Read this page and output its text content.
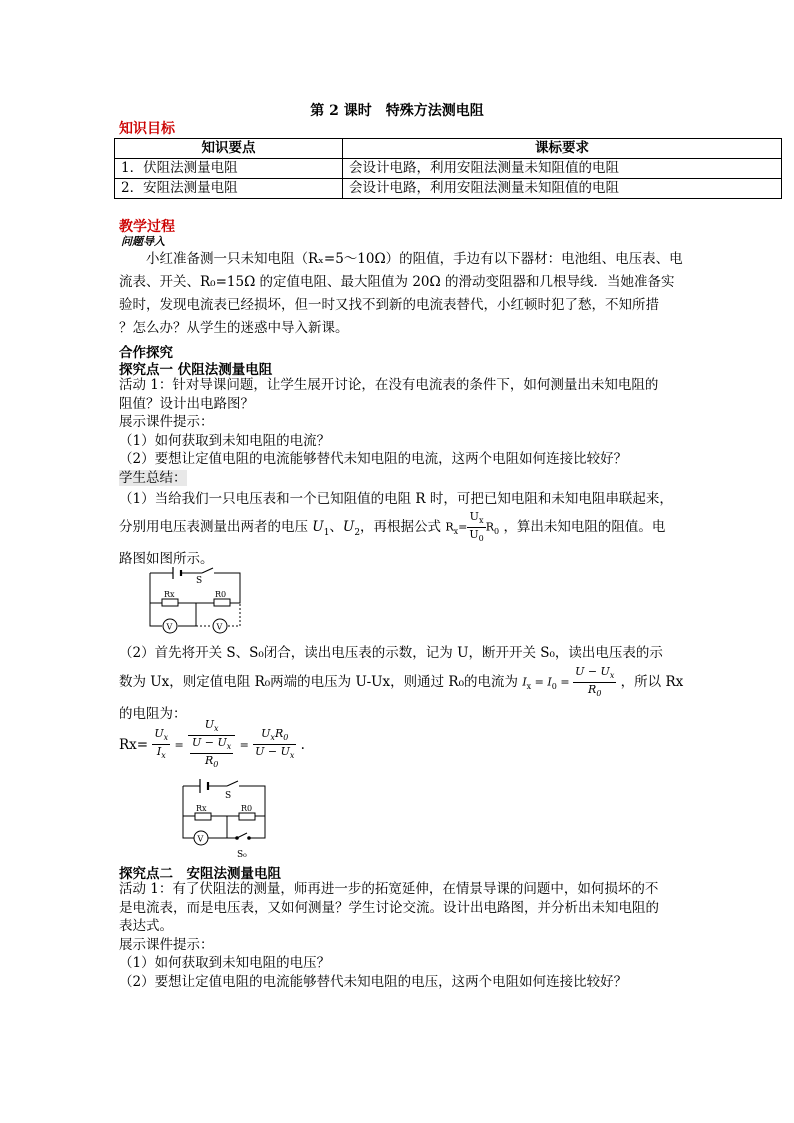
第 2 课时　特殊方法测电阻
知识目标
知识要点	课标要求
1．伏阻法测量电阻	会设计电路，利用安阻法测量未知阻值的电阻
2．安阻法测量电阻	会设计电路，利用安阻法测量未知阻值的电阻
教学过程
问题导入
小红准备测一只未知电阻（Rₓ=5～10Ω）的阻值，手边有以下器材：电池组、电压表、电
流表、开关、R₀=15Ω 的定值电阻、最大阻值为 20Ω 的滑动变阻器和几根导线．当她准备实
验时，发现电流表已经损坏，但一时又找不到新的电流表替代，小红顿时犯了愁，不知所措
？怎么办？从学生的迷惑中导入新课。
合作探究
探究点一 伏阻法测量电阻
活动 1：针对导课问题，让学生展开讨论，在没有电流表的条件下，如何测量出未知电阻的
阻值？设计出电路图？
展示课件提示：
（1）如何获取到未知电阻的电流？
（2）要想让定值电阻的电流能够替代未知电阻的电流，这两个电阻如何连接比较好？
学生总结：
（1）当给我们一只电压表和一个已知阻值的电阻 R 时，可把已知电阻和未知电阻串联起来，
分别用电压表测量出两者的电压 $U_1$、$U_2$，再根据公式 $R_x= \frac{U_x}{U_0} R_0$ ，算出未知电阻的阻值。电
路图如图所示。
S
Rx	R0
V	V
（2）首先将开关 S、S₀闭合，读出电压表的示数，记为 U，断开开关 S₀，读出电压表的示
数为 Ux，则定值电阻 R₀两端的电压为 U-Ux，则通过 R₀的电流为 $I_x = I_0 = \frac{U - U_x}{R_0}$ ，所以 Rx
的电阻为：
$Rx= \frac{U_x}{I_x} = \frac{U_x}{\frac{U - U_x}{R_0}} = \frac{U_xR_0}{U - U_x}$ .
S
Rx	R0
V
S₀
探究点二　安阻法测量电阻
活动 1：有了伏阻法的测量，师再进一步的拓宽延伸，在情景导课的问题中，如何损坏的不
是电流表，而是电压表，又如何测量？学生讨论交流。设计出电路图，并分析出未知电阻的
表达式。
展示课件提示：
（1）如何获取到未知电阻的电压？
（2）要想让定值电阻的电流能够替代未知电阻的电压，这两个电阻如何连接比较好？
